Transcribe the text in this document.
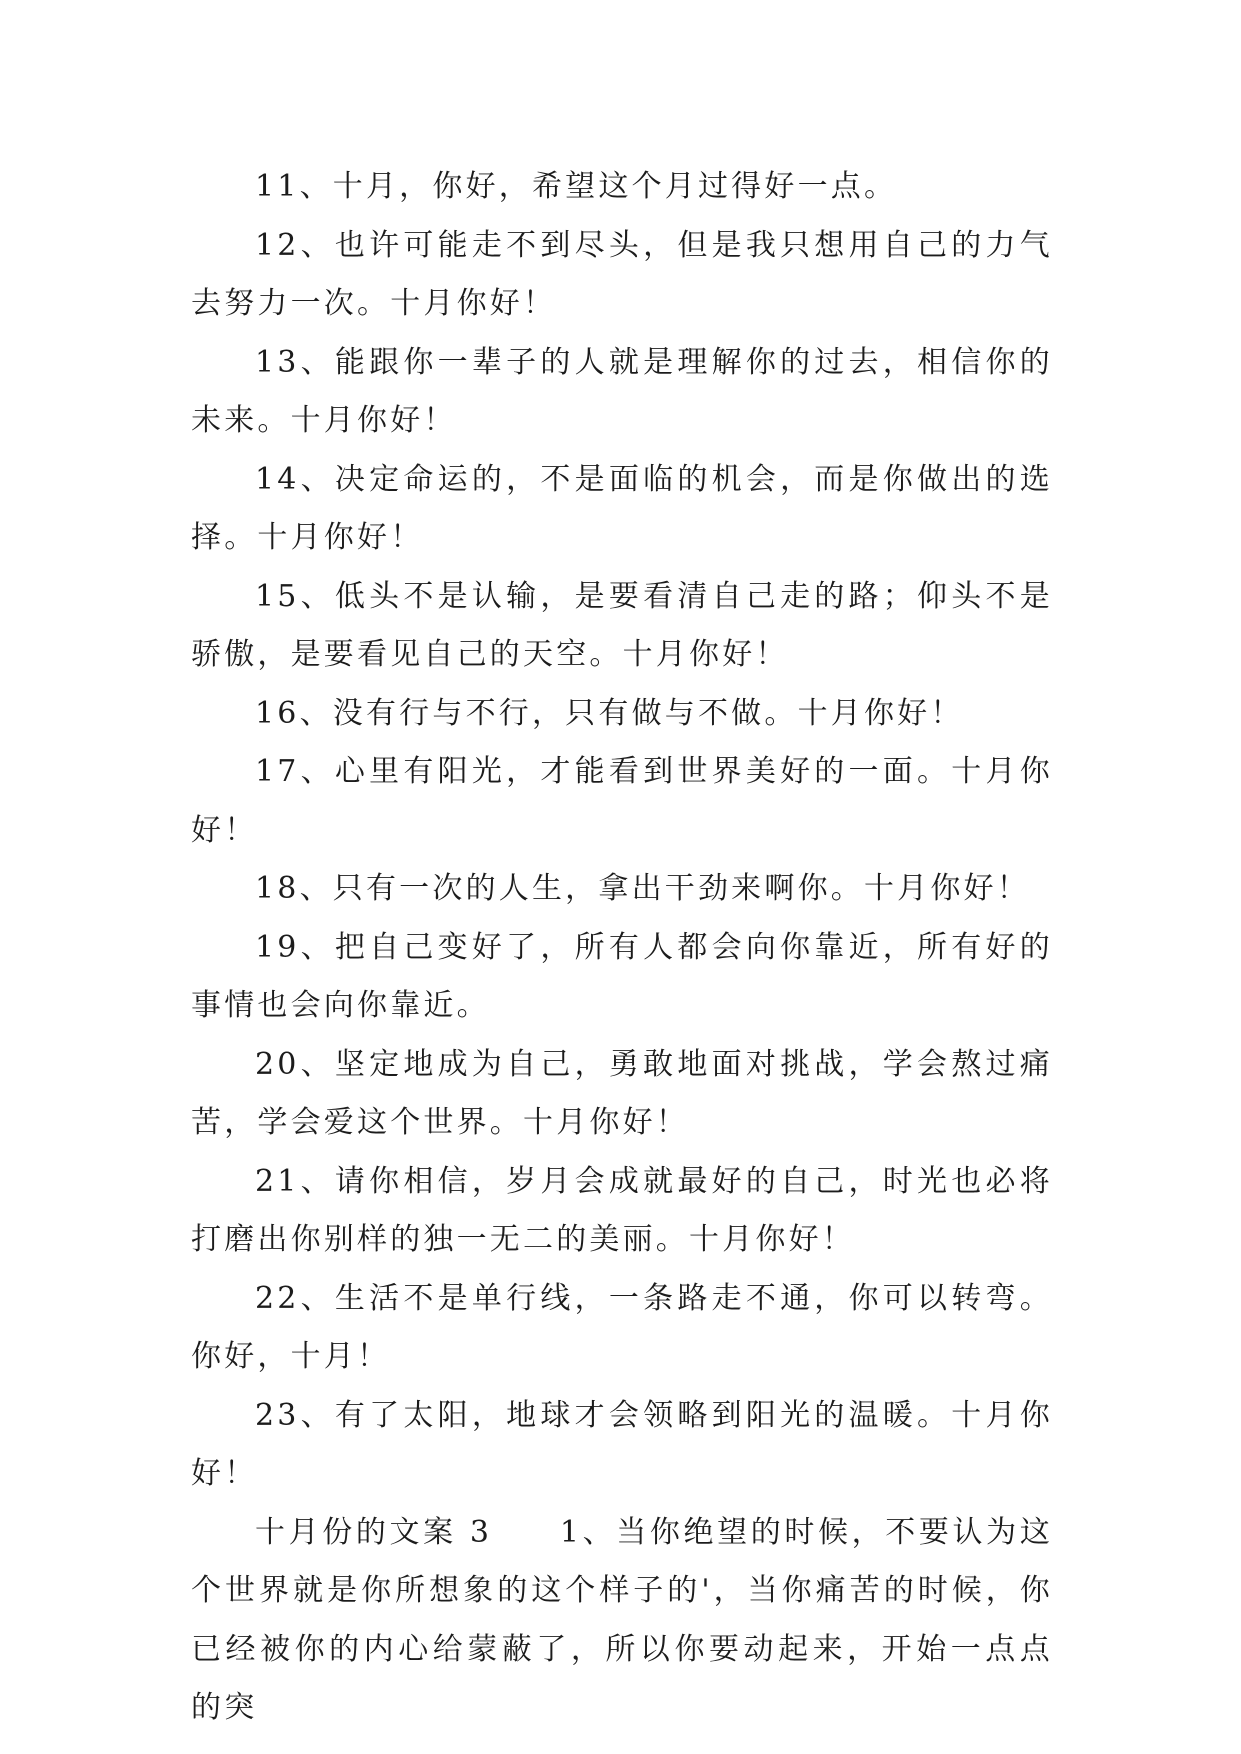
11、十月，你好，希望这个月过得好一点。

12、也许可能走不到尽头，但是我只想用自己的力气去努力一次。十月你好！

13、能跟你一辈子的人就是理解你的过去，相信你的未来。十月你好！

14、决定命运的，不是面临的机会，而是你做出的选择。十月你好！

15、低头不是认输，是要看清自己走的路；仰头不是骄傲，是要看见自己的天空。十月你好！

16、没有行与不行，只有做与不做。十月你好！

17、心里有阳光，才能看到世界美好的一面。十月你好！

18、只有一次的人生，拿出干劲来啊你。十月你好！

19、把自己变好了，所有人都会向你靠近，所有好的事情也会向你靠近。

20、坚定地成为自己，勇敢地面对挑战，学会熬过痛苦，学会爱这个世界。十月你好！

21、请你相信，岁月会成就最好的自己，时光也必将打磨出你别样的独一无二的美丽。十月你好！

22、生活不是单行线，一条路走不通，你可以转弯。你好，十月！

23、有了太阳，地球才会领略到阳光的温暖。十月你好！

十月份的文案 3　　1、当你绝望的时候，不要认为这个世界就是你所想象的这个样子的'，当你痛苦的时候，你已经被你的内心给蒙蔽了，所以你要动起来，开始一点点的突
